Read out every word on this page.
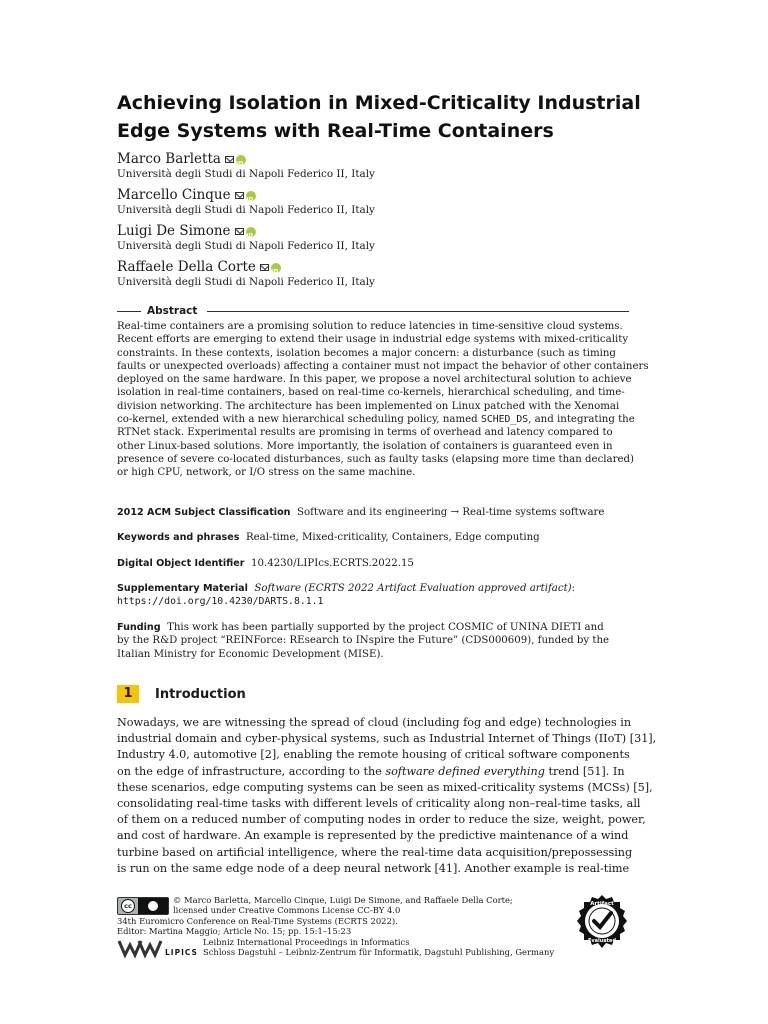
Achieving Isolation in Mixed-Criticality Industrial
Edge Systems with Real-Time Containers
Marco Barletta
iD
Università degli Studi di Napoli Federico II, Italy
Marcello Cinque
iD
Università degli Studi di Napoli Federico II, Italy
Luigi De Simone
iD
Università degli Studi di Napoli Federico II, Italy
Raffaele Della Corte
iD
Università degli Studi di Napoli Federico II, Italy
Abstract
Real-time containers are a promising solution to reduce latencies in time-sensitive cloud systems.
Recent efforts are emerging to extend their usage in industrial edge systems with mixed-criticality
constraints. In these contexts, isolation becomes a major concern: a disturbance (such as timing
faults or unexpected overloads) affecting a container must not impact the behavior of other containers
deployed on the same hardware. In this paper, we propose a novel architectural solution to achieve
isolation in real-time containers, based on real-time co-kernels, hierarchical scheduling, and time-
division networking. The architecture has been implemented on Linux patched with the Xenomai
co-kernel, extended with a new hierarchical scheduling policy, named SCHED_DS, and integrating the
RTNet stack. Experimental results are promising in terms of overhead and latency compared to
other Linux-based solutions. More importantly, the isolation of containers is guaranteed even in
presence of severe co-located disturbances, such as faulty tasks (elapsing more time than declared)
or high CPU, network, or I/O stress on the same machine.
2012 ACM Subject Classification Software and its engineering → Real-time systems software
Keywords and phrases Real-time, Mixed-criticality, Containers, Edge computing
Digital Object Identifier 10.4230/LIPIcs.ECRTS.2022.15
Supplementary Material Software (ECRTS 2022 Artifact Evaluation approved artifact):
https://doi.org/10.4230/DARTS.8.1.1
Funding This work has been partially supported by the project COSMIC of UNINA DIETI and
by the R&D project “REINForce: REsearch to INspire the Future” (CDS000609), funded by the
Italian Ministry for Economic Development (MISE).
1	Introduction
Nowadays, we are witnessing the spread of cloud (including fog and edge) technologies in
industrial domain and cyber-physical systems, such as Industrial Internet of Things (IIoT) [31],
Industry 4.0, automotive [2], enabling the remote housing of critical software components
on the edge of infrastructure, according to the software defined everything trend [51]. In
these scenarios, edge computing systems can be seen as mixed-criticality systems (MCSs) [5],
consolidating real-time tasks with different levels of criticality along non–real-time tasks, all
of them on a reduced number of computing nodes in order to reduce the size, weight, power,
and cost of hardware. An example is represented by the predictive maintenance of a wind
turbine based on artificial intelligence, where the real-time data acquisition/prepossessing
is run on the same edge node of a deep neural network [41]. Another example is real-time
cc
© Marco Barletta, Marcello Cinque, Luigi De Simone, and Raffaele Della Corte;
licensed under Creative Commons License CC-BY 4.0
34th Euromicro Conference on Real-Time Systems (ECRTS 2022).
Editor: Martina Maggio; Article No. 15; pp. 15:1–15:23
LIPICS
Leibniz International Proceedings in Informatics
Schloss Dagstuhl – Leibniz-Zentrum für Informatik, Dagstuhl Publishing, Germany
Artifact
Evaluated
